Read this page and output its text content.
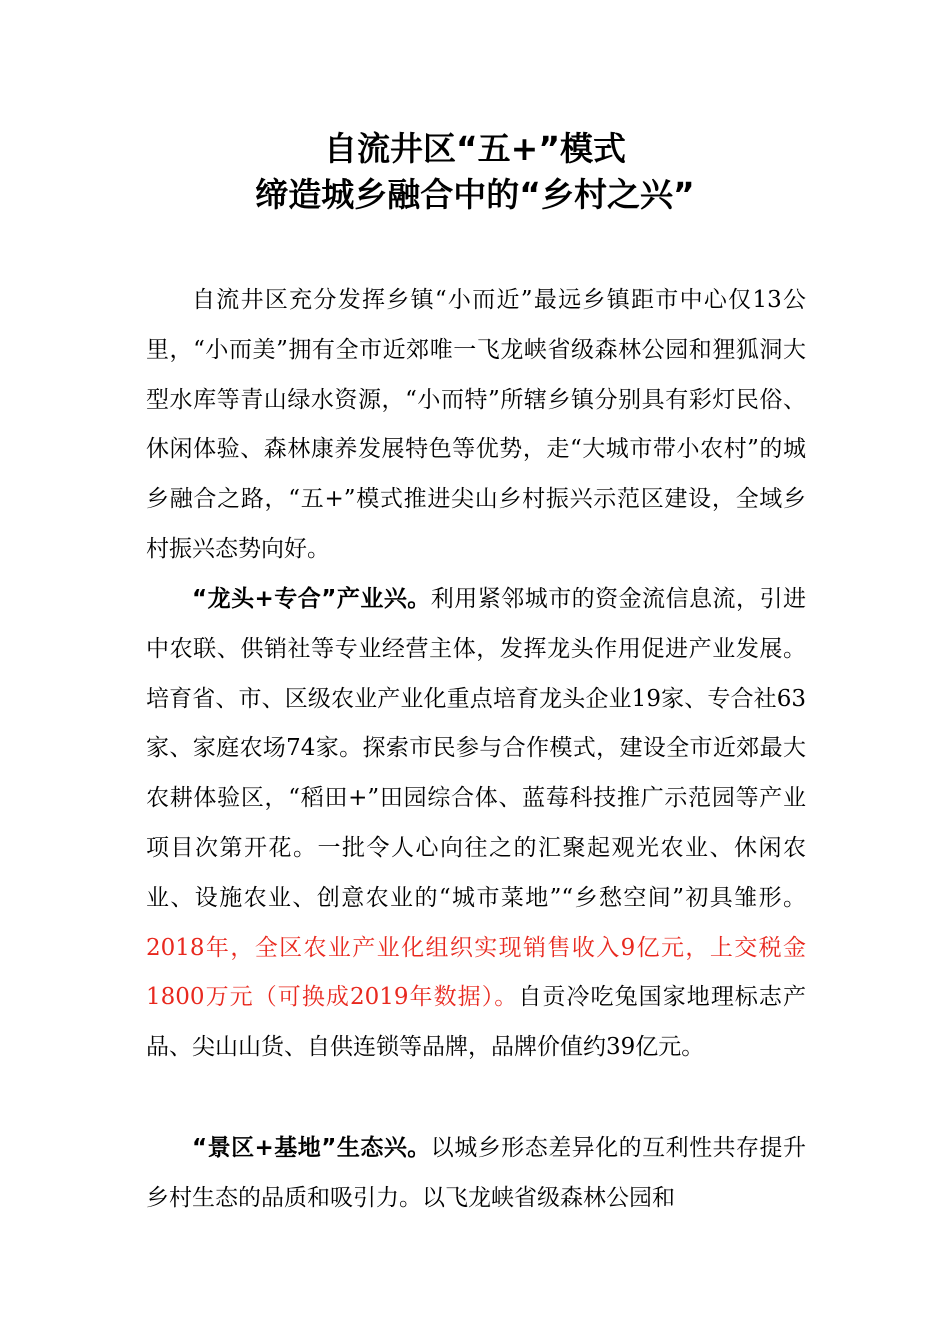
自流井区“五+”模式
缔造城乡融合中的“乡村之兴”

自流井区充分发挥乡镇“小而近”最远乡镇距市中心仅13公里，“小而美”拥有全市近郊唯一飞龙峡省级森林公园和狸狐洞大型水库等青山绿水资源，“小而特”所辖乡镇分别具有彩灯民俗、休闲体验、森林康养发展特色等优势，走“大城市带小农村”的城乡融合之路，“五+”模式推进尖山乡村振兴示范区建设，全域乡村振兴态势向好。

“龙头+专合”产业兴。利用紧邻城市的资金流信息流，引进中农联、供销社等专业经营主体，发挥龙头作用促进产业发展。培育省、市、区级农业产业化重点培育龙头企业19家、专合社63家、家庭农场74家。探索市民参与合作模式，建设全市近郊最大农耕体验区，“稻田+”田园综合体、蓝莓科技推广示范园等产业项目次第开花。一批令人心向往之的汇聚起观光农业、休闲农业、设施农业、创意农业的“城市菜地”“乡愁空间”初具雏形。2018年，全区农业产业化组织实现销售收入9亿元，上交税金1800万元（可换成2019年数据）。自贡冷吃兔国家地理标志产品、尖山山货、自供连锁等品牌，品牌价值约39亿元。

“景区+基地”生态兴。以城乡形态差异化的互利性共存提升乡村生态的品质和吸引力。以飞龙峡省级森林公园和
